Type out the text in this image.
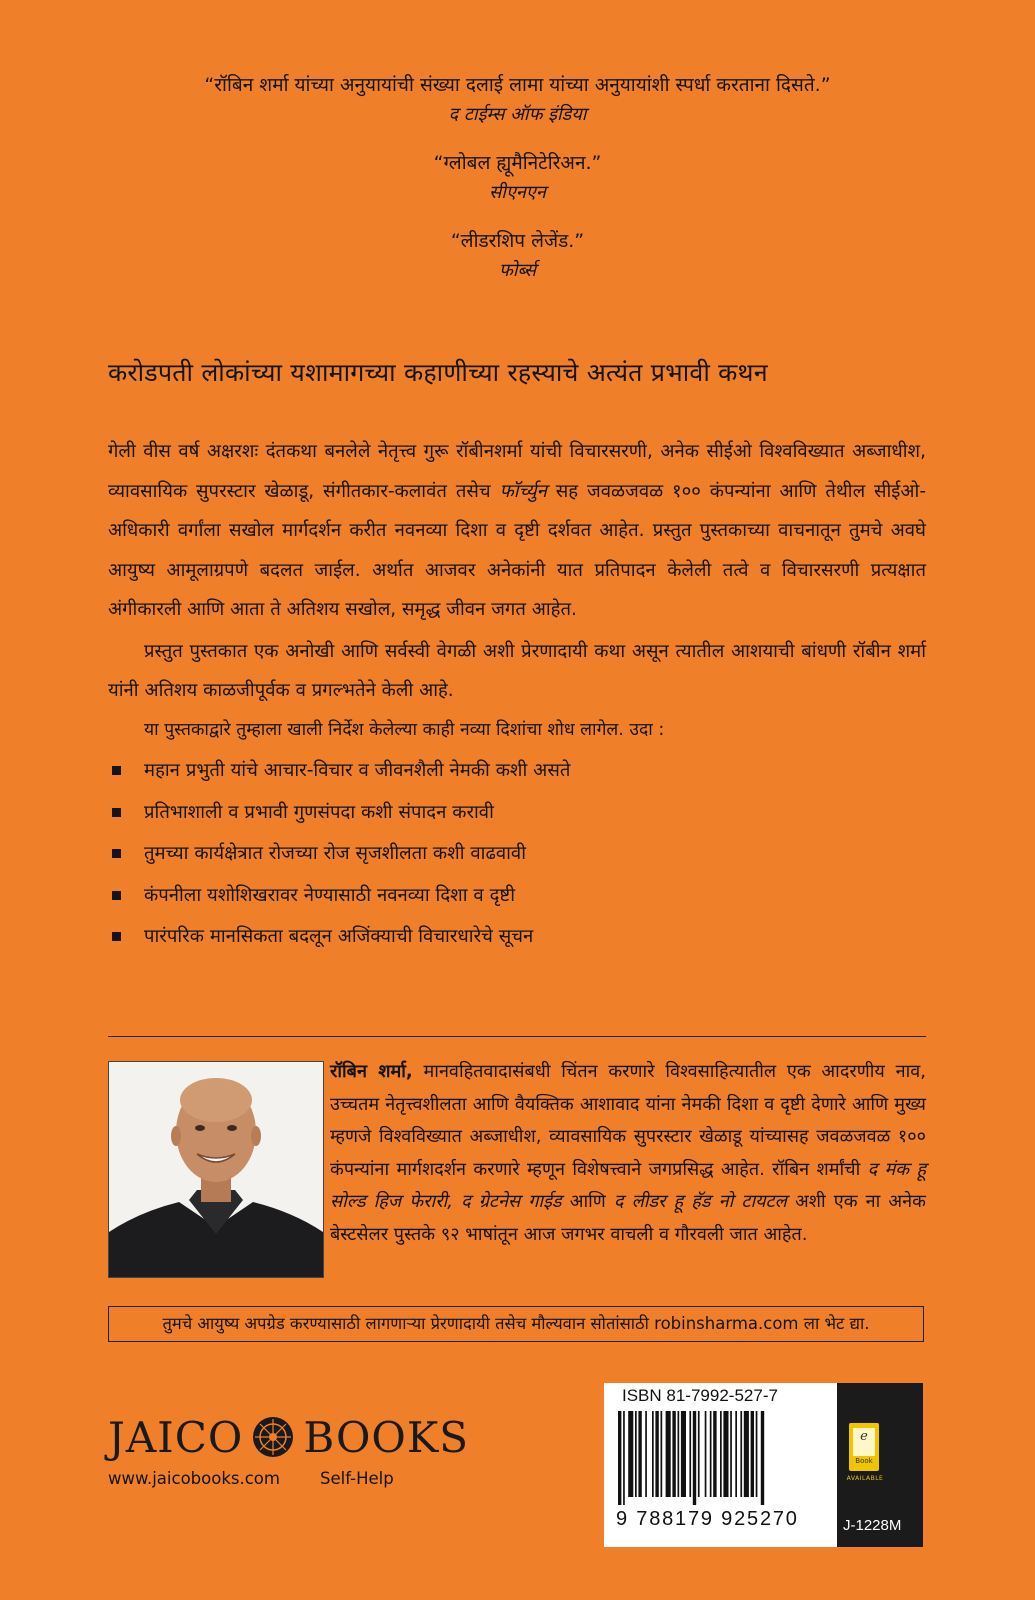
“रॉबिन शर्मा यांच्या अनुयायांची संख्या दलाई लामा यांच्या अनुयायांशी स्पर्धा करताना दिसते.”

द टाईम्स ऑफ इंडिया

“ग्लोबल ह्यूमैनिटेरिअन.”

सीएनएन

“लीडरशिप लेजेंड.”

फोर्ब्स

करोडपती लोकांच्या यशामागच्या कहाणीच्या रहस्याचे अत्यंत प्रभावी कथन

गेली वीस वर्ष अक्षरशः दंतकथा बनलेले नेतृत्त्व गुरू रॉबीनशर्मा यांची विचारसरणी, अनेक सीईओ विश्वविख्यात अब्जाधीश, व्यावसायिक सुपरस्टार खेळाडू, संगीतकार-कलावंत तसेच फॉर्च्युन सह जवळजवळ १०० कंपन्यांना आणि तेथील सीईओ-अधिकारी वर्गांला सखोल मार्गदर्शन करीत नवनव्या दिशा व दृष्टी दर्शवत आहेत. प्रस्तुत पुस्तकाच्या वाचनातून तुमचे अवघे आयुष्य आमूलाग्रपणे बदलत जाईल. अर्थात आजवर अनेकांनी यात प्रतिपादन केलेली तत्वे व विचारसरणी प्रत्यक्षात अंगीकारली आणि आता ते अतिशय सखोल, समृद्ध जीवन जगत आहेत.

प्रस्तुत पुस्तकात एक अनोखी आणि सर्वस्वी वेगळी अशी प्रेरणादायी कथा असून त्यातील आशयाची बांधणी रॉबीन शर्मा यांनी अतिशय काळजीपूर्वक व प्रगल्भतेने केली आहे.

या पुस्तकाद्वारे तुम्हाला खाली निर्देश केलेल्या काही नव्या दिशांचा शोध लागेल. उदा :

महान प्रभुती यांचे आचार-विचार व जीवनशैली नेमकी कशी असते
प्रतिभाशाली व प्रभावी गुणसंपदा कशी संपादन करावी
तुमच्या कार्यक्षेत्रात रोजच्या रोज सृजशीलता कशी वाढवावी
कंपनीला यशोशिखरावर नेण्यासाठी नवनव्या दिशा व दृष्टी
पारंपरिक मानसिकता बदलून अजिंक्याची विचारधारेचे सूचन
रॉबिन शर्मा, मानवहितवादासंबधी चिंतन करणारे विश्वसाहित्यातील एक आदरणीय नाव, उच्चतम नेतृत्त्वशीलता आणि वैयक्तिक आशावाद यांना नेमकी दिशा व दृष्टी देणारे आणि मुख्य म्हणजे विश्वविख्यात अब्जाधीश, व्यावसायिक सुपरस्टार खेळाडू यांच्यासह जवळजवळ १०० कंपन्यांना मार्गशदर्शन करणारे म्हणून विशेषत्त्वाने जगप्रसिद्ध आहेत. रॉबिन शर्मांची द मंक हू सोल्ड हिज फेरारी, द ग्रेटनेस गाईड आणि द लीडर हू हॅड नो टायटल अशी एक ना अनेक बेस्टसेलर पुस्तके ९२ भाषांतून आज जगभर वाचली व गौरवली जात आहेत.
तुमचे आयुष्य अपग्रेड करण्यासाठी लागणाऱ्या प्रेरणादायी तसेच मौल्यवान सोतांसाठी robinsharma.com ला भेट द्या.
JAICO BOOKS
www.jaicobooks.com Self-Help
ISBN 81-7992-527-7
9 788179 925270
e
Book
AVAILABLE
J-1228M
